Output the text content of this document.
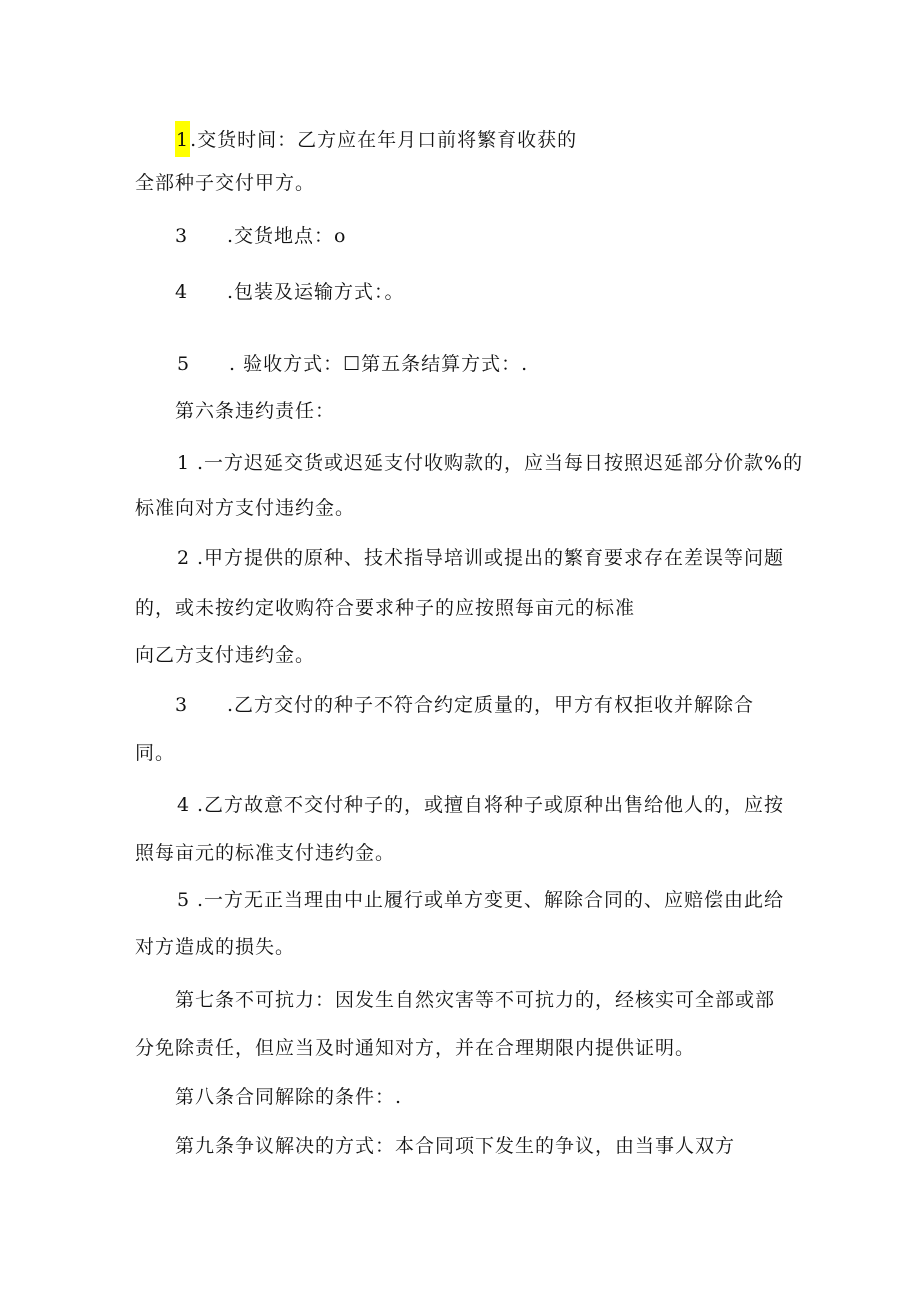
1.交货时间：乙方应在年月口前将繁育收获的
全部种子交付甲方。
3 .交货地点：o
4 .包装及运输方式：。
5 . 验收方式：☐第五条结算方式：.
第六条违约责任：
1 .一方迟延交货或迟延支付收购款的，应当每日按照迟延部分价款%的
标准向对方支付违约金。
2 .甲方提供的原种、技术指导培训或提出的繁育要求存在差误等问题
的，或未按约定收购符合要求种子的应按照每亩元的标准
向乙方支付违约金。
3 .乙方交付的种子不符合约定质量的，甲方有权拒收并解除合
同。
4 .乙方故意不交付种子的，或擅自将种子或原种出售给他人的，应按
照每亩元的标准支付违约金。
5 .一方无正当理由中止履行或单方变更、解除合同的、应赔偿由此给
对方造成的损失。
第七条不可抗力：因发生自然灾害等不可抗力的，经核实可全部或部
分免除责任，但应当及时通知对方，并在合理期限内提供证明。
第八条合同解除的条件：.
第九条争议解决的方式：本合同项下发生的争议，由当事人双方
